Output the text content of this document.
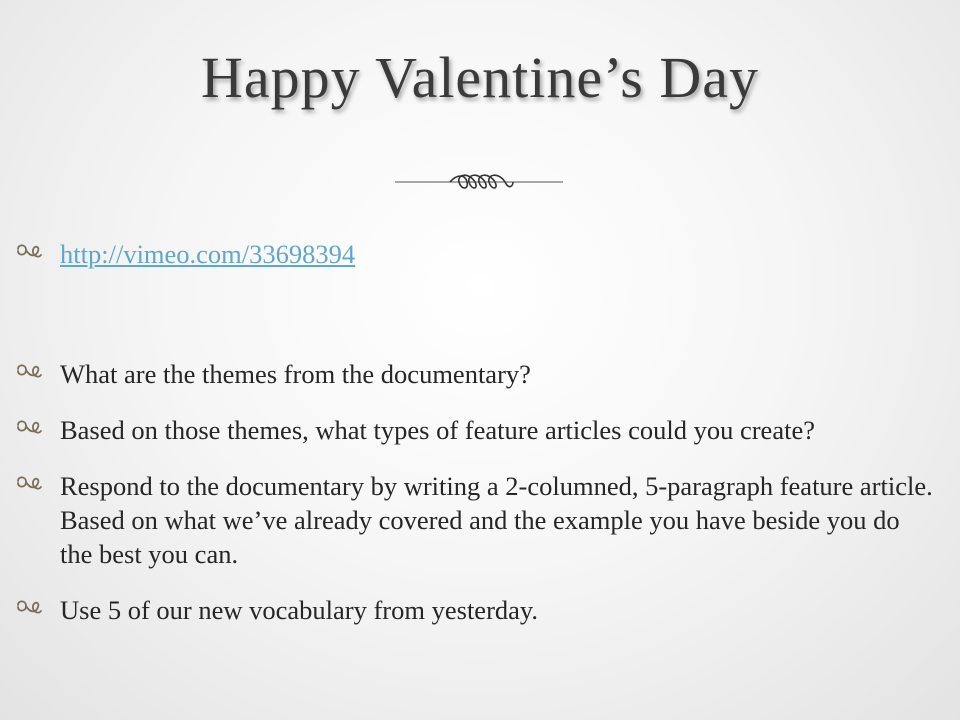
Happy Valentine’s Day
http://vimeo.com/33698394
What are the themes from the documentary?
Based on those themes, what types of feature articles could you create?
Respond to the documentary by writing a 2-columned, 5-paragraph feature article. Based on what we’ve already covered and the example you have beside you do the best you can.
Use 5 of our new vocabulary from yesterday.
